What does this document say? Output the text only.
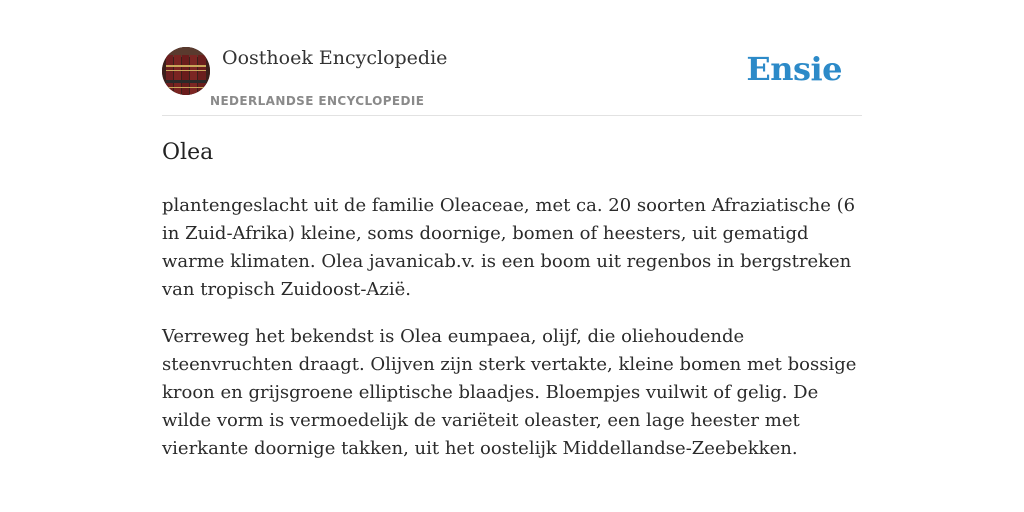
Oosthoek Encyclopedie
NEDERLANDSE ENCYCLOPEDIE
Ensie
Olea

plantengeslacht uit de familie Oleaceae, met ca. 20 soorten Afraziatische (6 in Zuid-Afrika) kleine, soms doornige, bomen of heesters, uit gematigd warme klimaten. Olea javanicab.v. is een boom uit regenbos in bergstreken van tropisch Zuidoost-Azië.

Verreweg het bekendst is Olea eumpaea, olijf, die oliehoudende steenvruchten draagt. Olijven zijn sterk vertakte, kleine bomen met bossige kroon en grijsgroene elliptische blaadjes. Bloempjes vuilwit of gelig. De wilde vorm is vermoedelijk de variëteit oleaster, een lage heester met vierkante doornige takken, uit het oostelijk Middellandse-Zeebekken.
